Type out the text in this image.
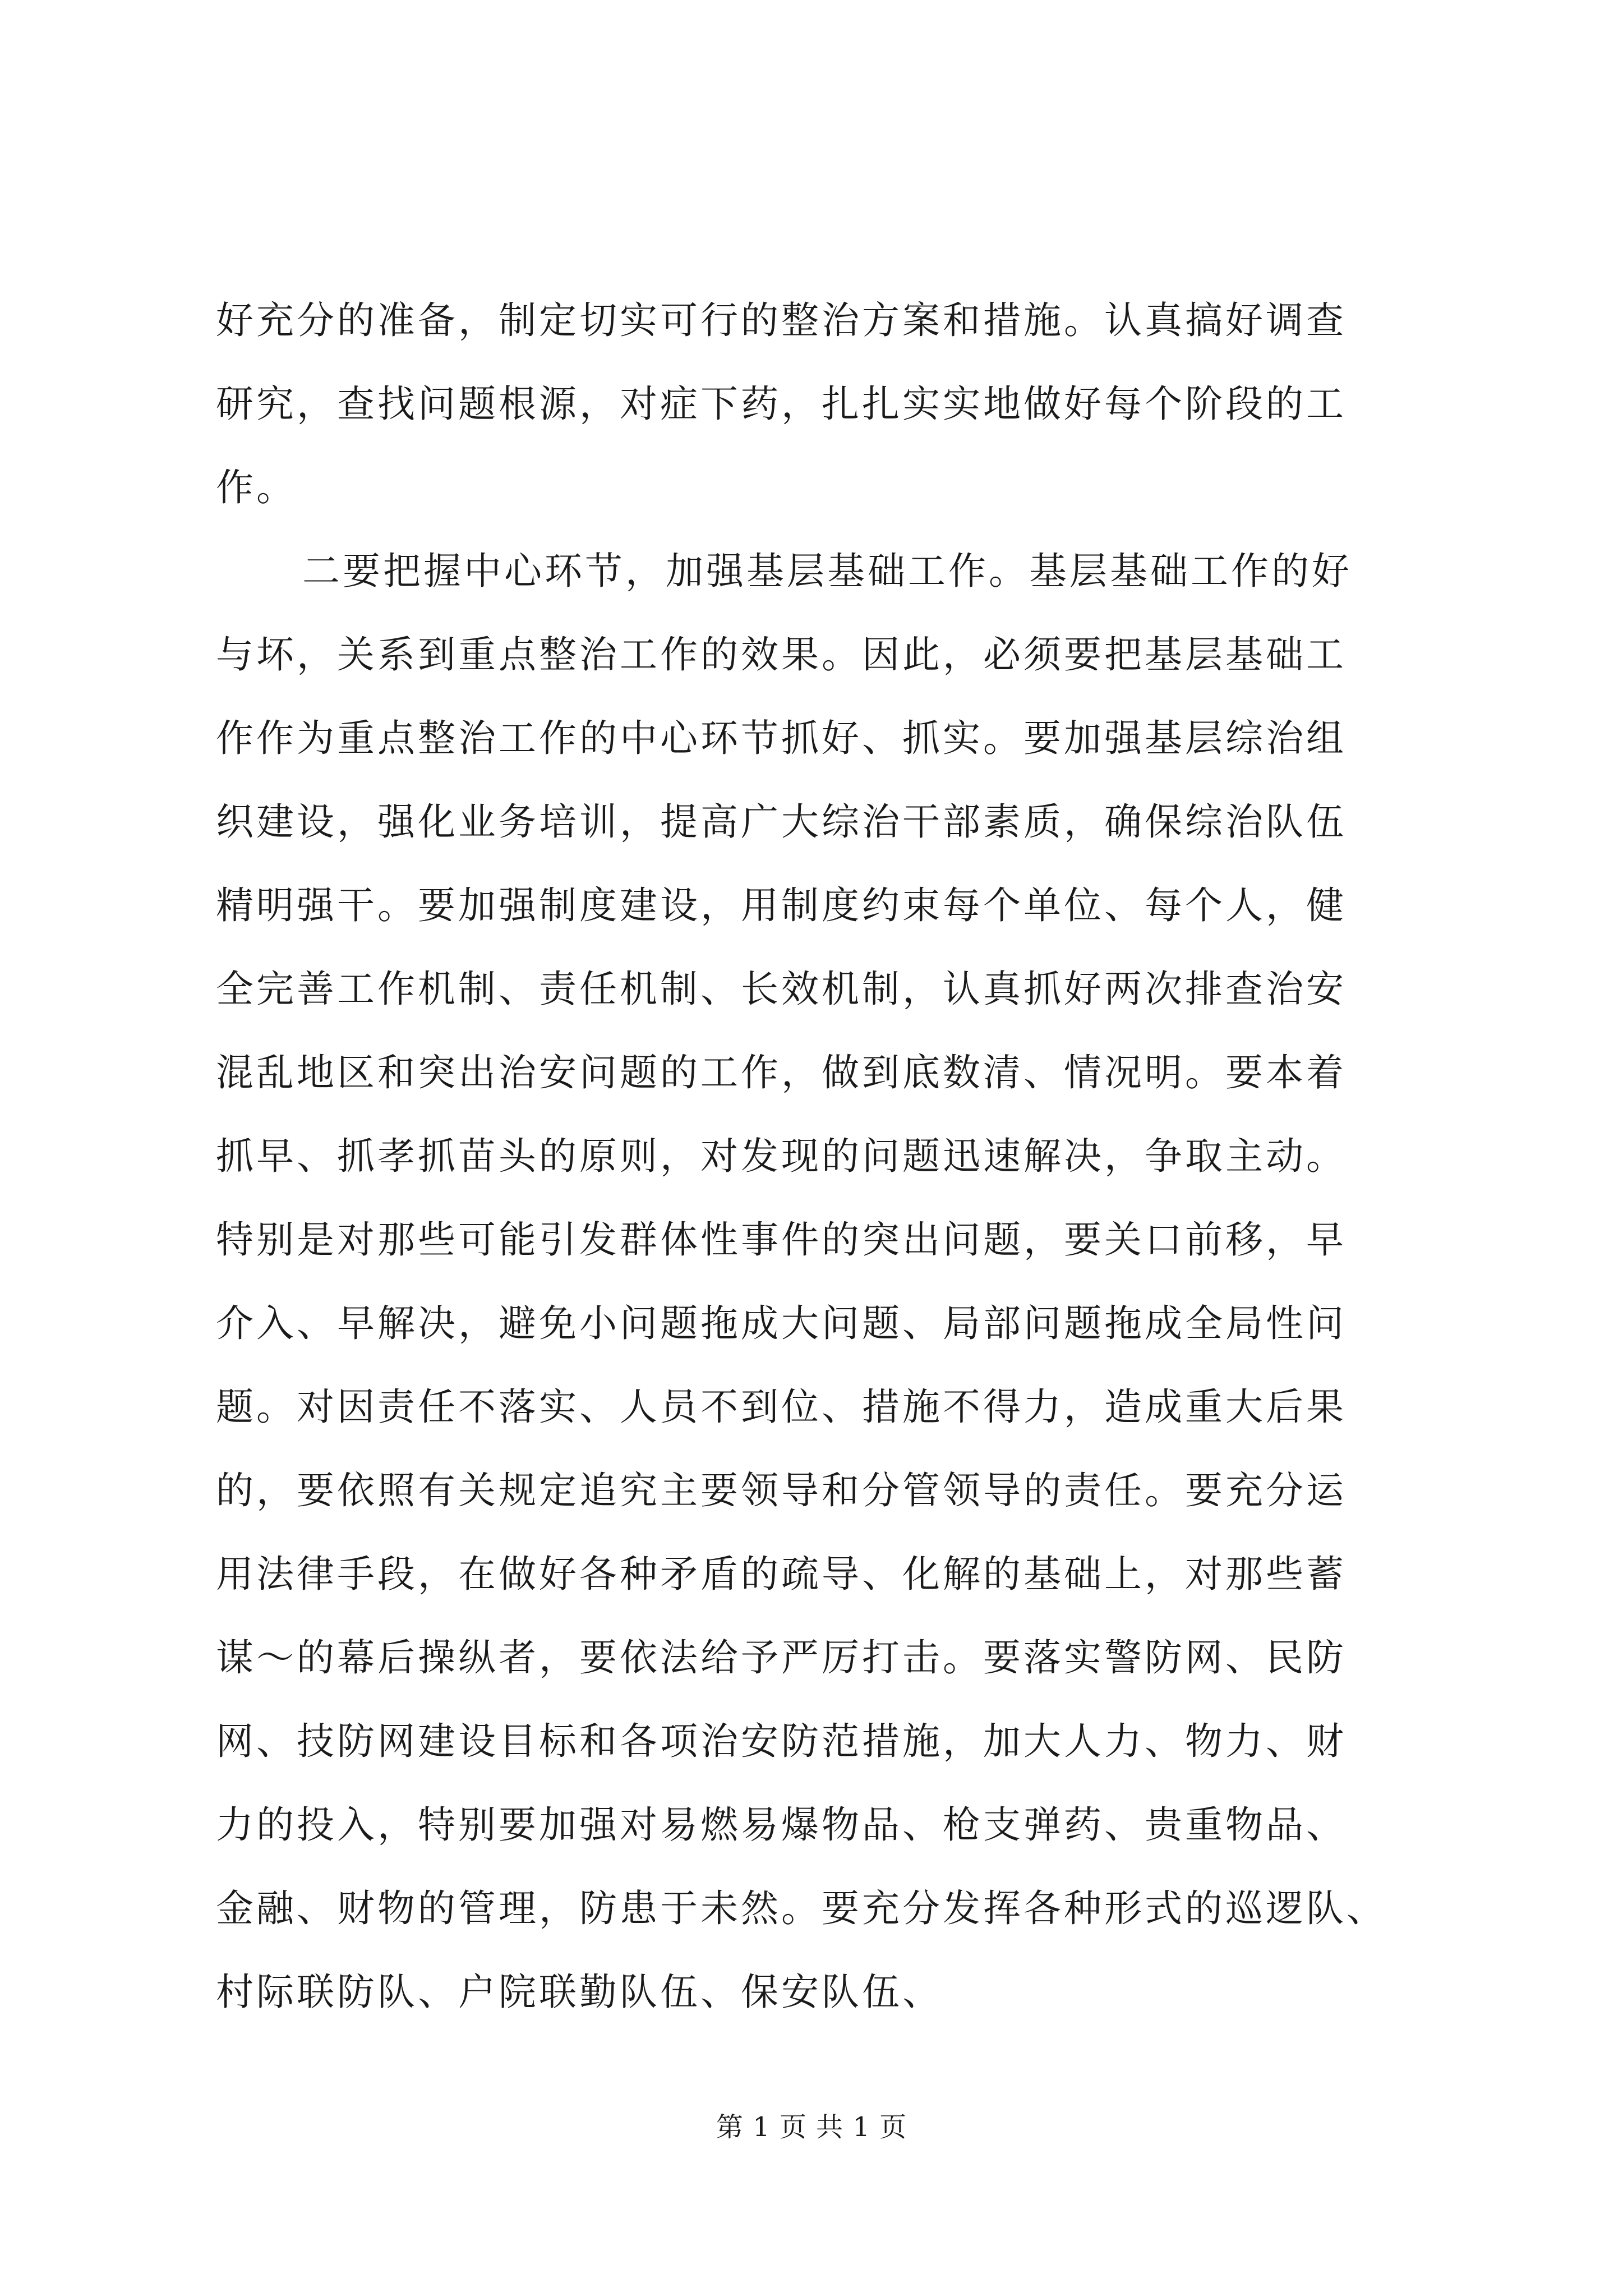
好充分的准备，制定切实可行的整治方案和措施。认真搞好调查

研究，查找问题根源，对症下药，扎扎实实地做好每个阶段的工

作。

二要把握中心环节，加强基层基础工作。基层基础工作的好

与坏，关系到重点整治工作的效果。因此，必须要把基层基础工

作作为重点整治工作的中心环节抓好、抓实。要加强基层综治组

织建设，强化业务培训，提高广大综治干部素质，确保综治队伍

精明强干。要加强制度建设，用制度约束每个单位、每个人，健

全完善工作机制、责任机制、长效机制，认真抓好两次排查治安

混乱地区和突出治安问题的工作，做到底数清、情况明。要本着

抓早、抓孝抓苗头的原则，对发现的问题迅速解决，争取主动。

特别是对那些可能引发群体性事件的突出问题，要关口前移，早

介入、早解决，避免小问题拖成大问题、局部问题拖成全局性问

题。对因责任不落实、人员不到位、措施不得力，造成重大后果

的，要依照有关规定追究主要领导和分管领导的责任。要充分运

用法律手段，在做好各种矛盾的疏导、化解的基础上，对那些蓄

谋～的幕后操纵者，要依法给予严厉打击。要落实警防网、民防

网、技防网建设目标和各项治安防范措施，加大人力、物力、财

力的投入，特别要加强对易燃易爆物品、枪支弹药、贵重物品、

金融、财物的管理，防患于未然。要充分发挥各种形式的巡逻队、

村际联防队、户院联勤队伍、保安队伍、

第 1 页 共 1 页
